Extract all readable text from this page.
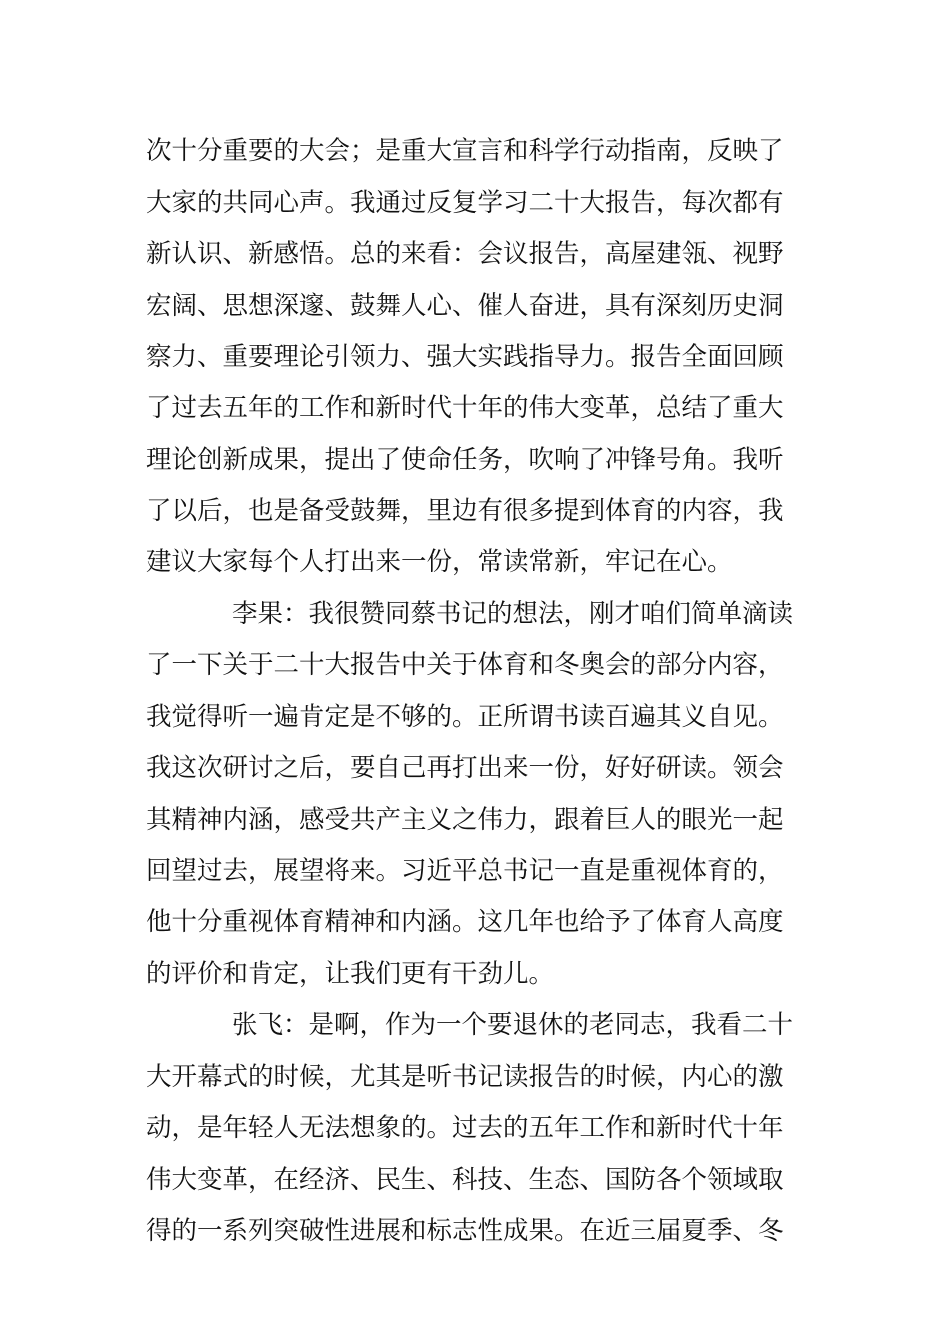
次十分重要的大会；是重大宣言和科学行动指南，反映了
大家的共同心声。我通过反复学习二十大报告，每次都有
新认识、新感悟。总的来看：会议报告，高屋建瓴、视野
宏阔、思想深邃、鼓舞人心、催人奋进，具有深刻历史洞
察力、重要理论引领力、强大实践指导力。报告全面回顾
了过去五年的工作和新时代十年的伟大变革，总结了重大
理论创新成果，提出了使命任务，吹响了冲锋号角。我听
了以后，也是备受鼓舞，里边有很多提到体育的内容，我
建议大家每个人打出来一份，常读常新，牢记在心。
李果：我很赞同蔡书记的想法，刚才咱们简单滴读
了一下关于二十大报告中关于体育和冬奥会的部分内容，
我觉得听一遍肯定是不够的。正所谓书读百遍其义自见。
我这次研讨之后，要自己再打出来一份，好好研读。领会
其精神内涵，感受共产主义之伟力，跟着巨人的眼光一起
回望过去，展望将来。习近平总书记一直是重视体育的，
他十分重视体育精神和内涵。这几年也给予了体育人高度
的评价和肯定，让我们更有干劲儿。
张飞：是啊，作为一个要退休的老同志，我看二十
大开幕式的时候，尤其是听书记读报告的时候，内心的激
动，是年轻人无法想象的。过去的五年工作和新时代十年
伟大变革，在经济、民生、科技、生态、国防各个领域取
得的一系列突破性进展和标志性成果。在近三届夏季、冬
